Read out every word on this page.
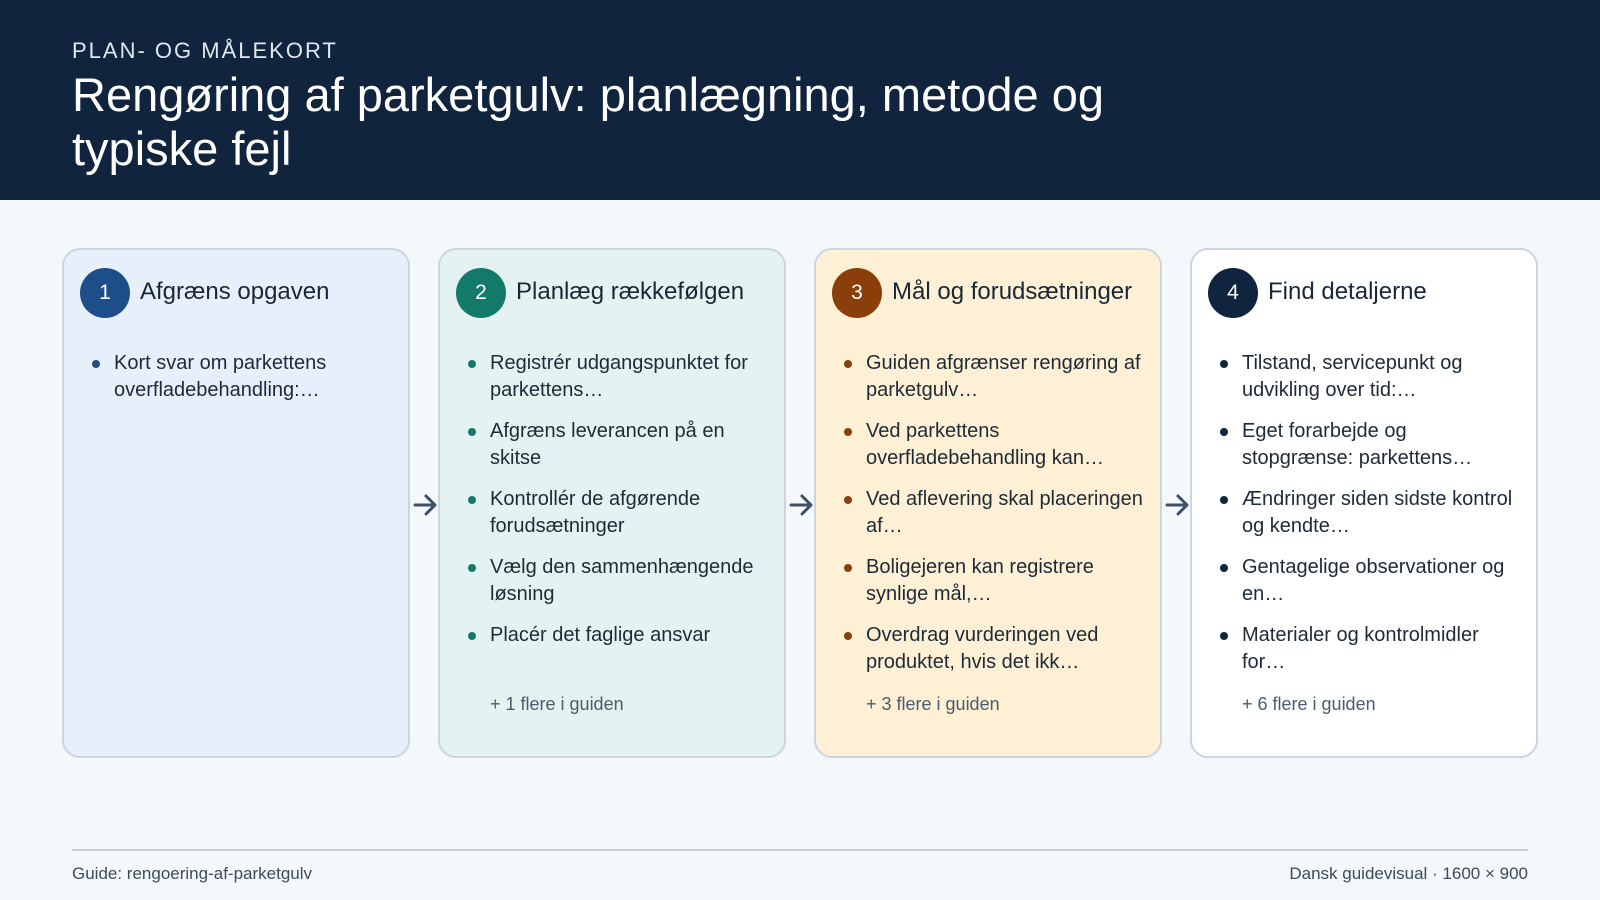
PLAN- OG MÅLEKORT
Rengøring af parketgulv: planlægning, metode og typiske fejl
1	Afgræns opgaven
Kort svar om parkettens overfladebehandling:…
2	Planlæg rækkefølgen
Registrér udgangspunktet for parkettens…
Afgræns leverancen på en skitse
Kontrollér de afgørende forudsætninger
Vælg den sammenhængende løsning
Placér det faglige ansvar
+ 1 flere i guiden
3	Mål og forudsætninger
Guiden afgrænser rengøring af parketgulv…
Ved parkettens overfladebehandling kan…
Ved aflevering skal placeringen af…
Boligejeren kan registrere synlige mål,…
Overdrag vurderingen ved produktet, hvis det ikk…
+ 3 flere i guiden
4	Find detaljerne
Tilstand, servicepunkt og udvikling over tid:…
Eget forarbejde og stopgrænse: parkettens…
Ændringer siden sidste kontrol og kendte…
Gentagelige observationer og en…
Materialer og kontrolmidler for…
+ 6 flere i guiden
Guide: rengoering-af-parketgulv	Dansk guidevisual · 1600 × 900
